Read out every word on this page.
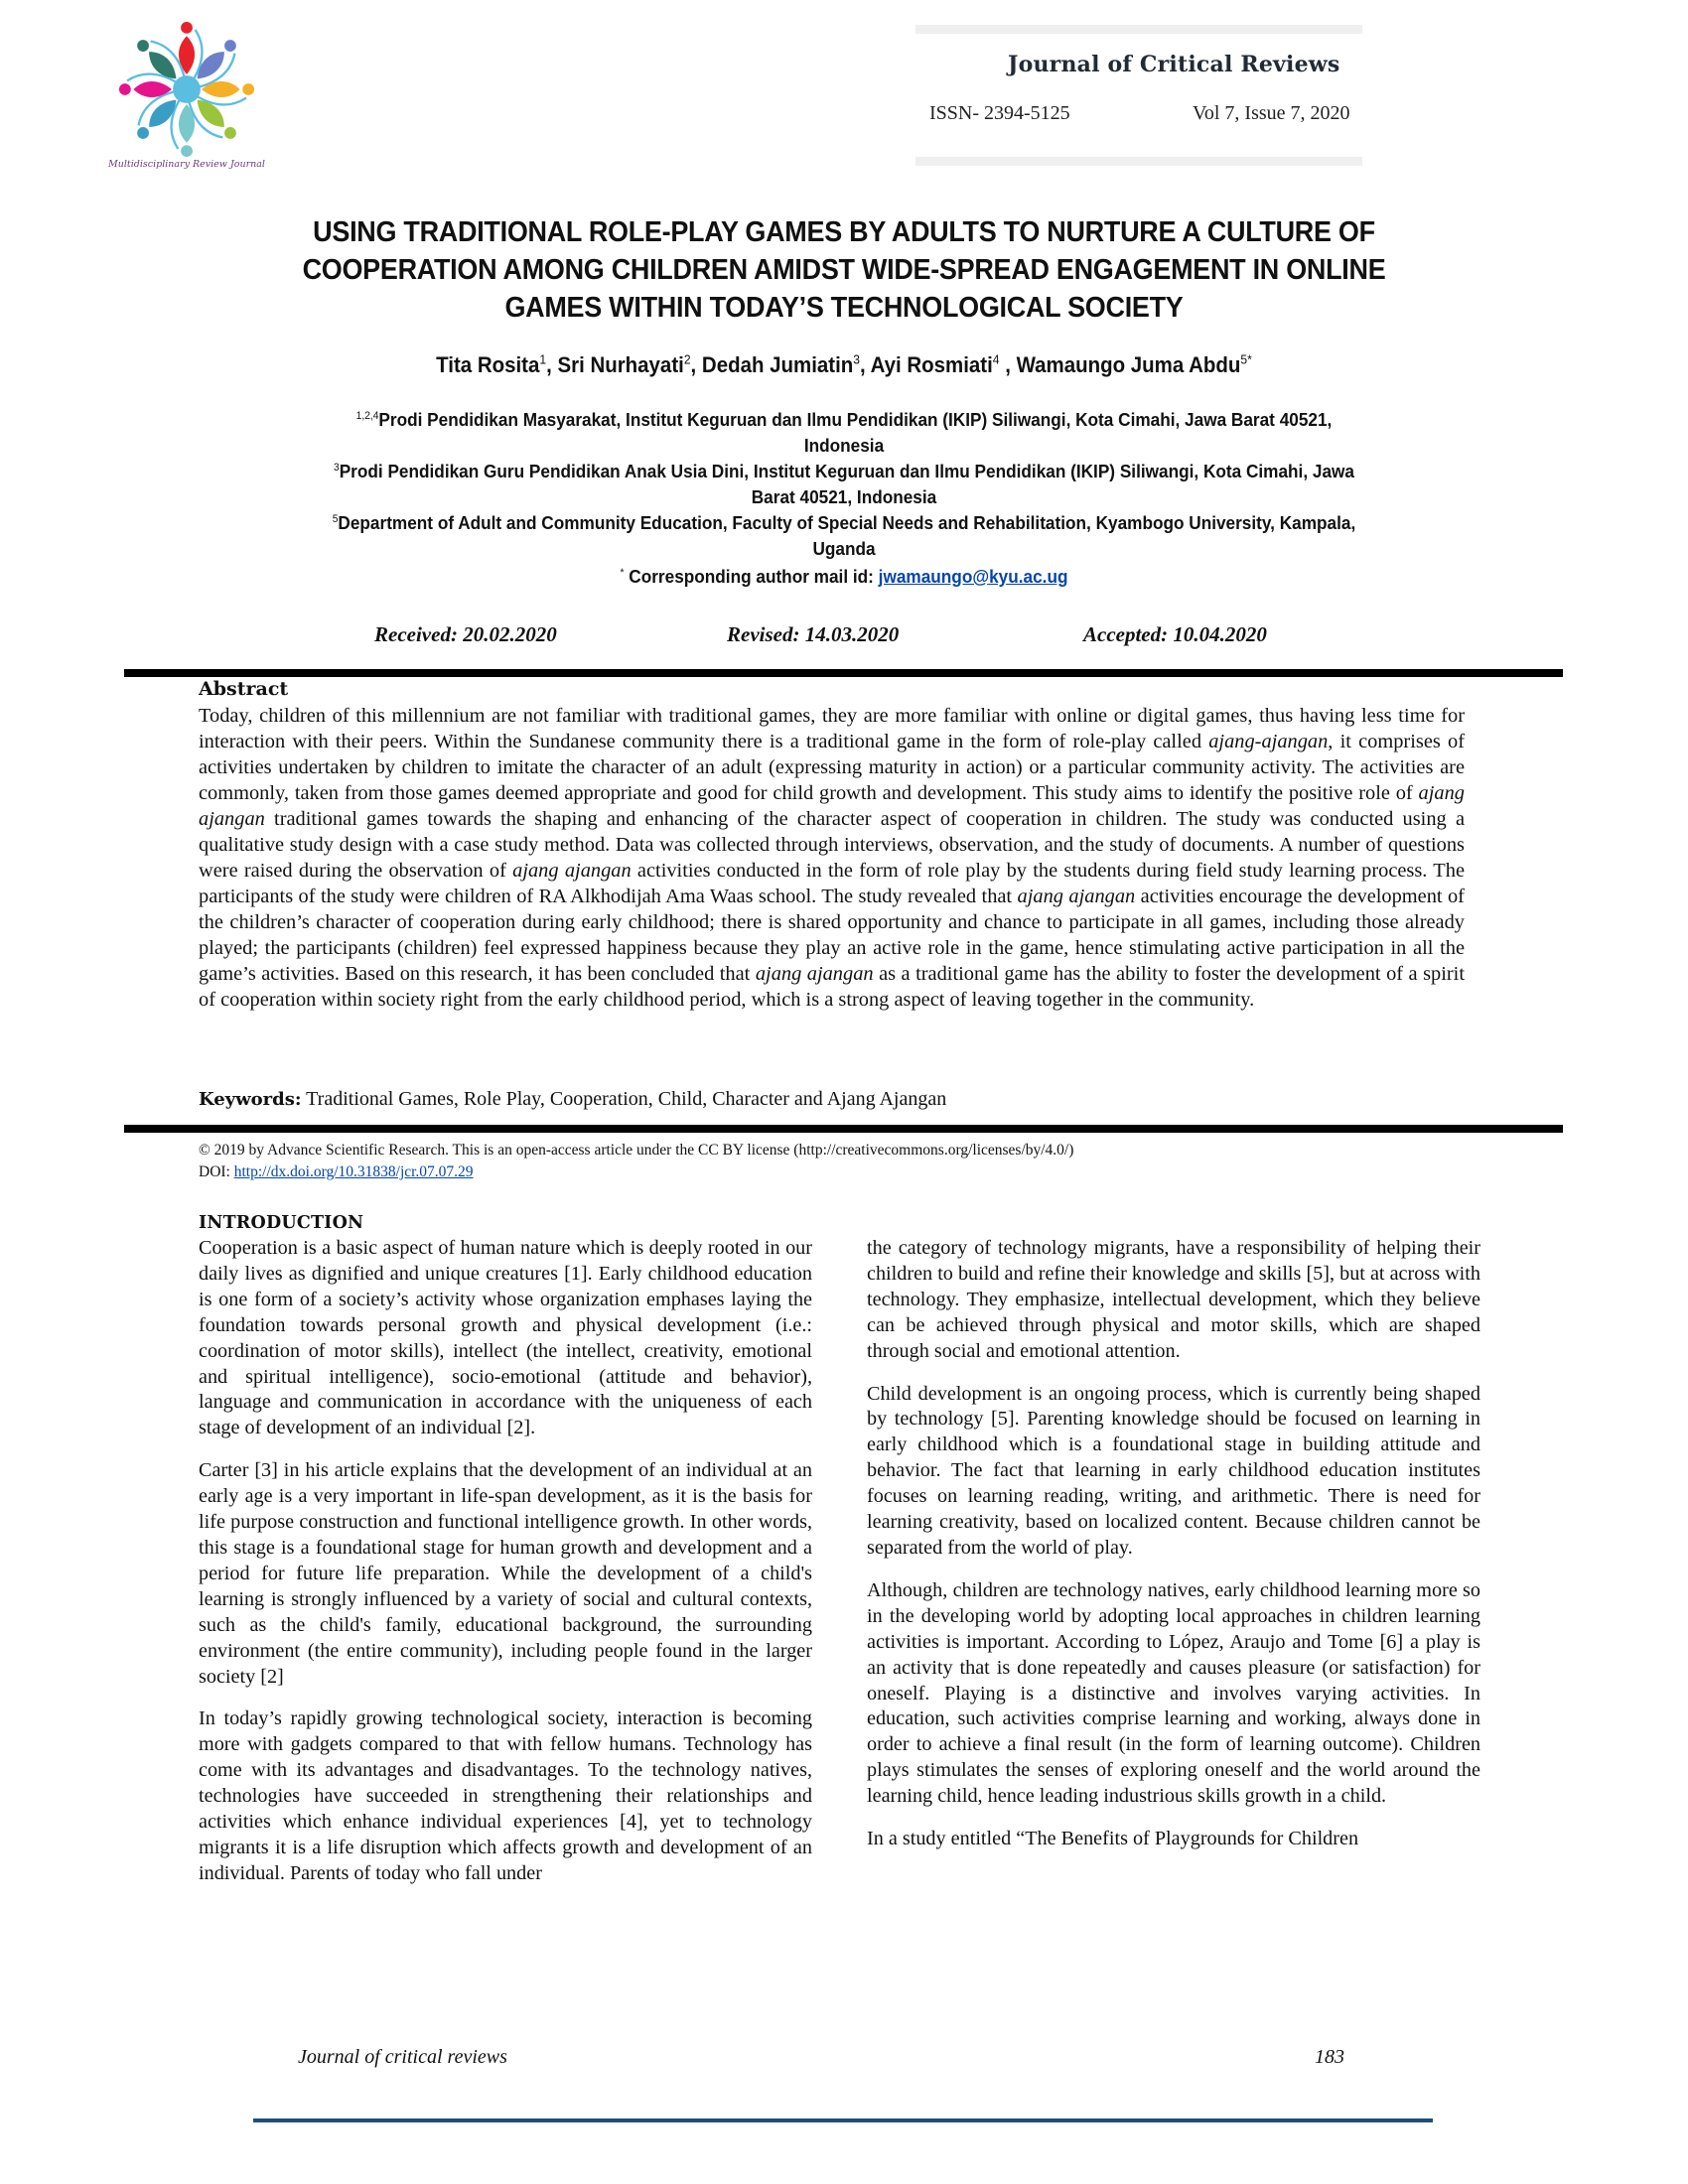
Multidisciplinary Review Journal
Journal of Critical Reviews
ISSN- 2394-5125	Vol 7, Issue 7, 2020
USING TRADITIONAL ROLE-PLAY GAMES BY ADULTS TO NURTURE A CULTURE OF
COOPERATION AMONG CHILDREN AMIDST WIDE-SPREAD ENGAGEMENT IN ONLINE
GAMES WITHIN TODAY’S TECHNOLOGICAL SOCIETY
Tita Rosita$^1$, Sri Nurhayati$^2$, Dedah Jumiatin$^3$, Ayi Rosmiati$^4$ , Wamaungo Juma Abdu$^{5*}$
$^{1,2,4}$Prodi Pendidikan Masyarakat, Institut Keguruan dan Ilmu Pendidikan (IKIP) Siliwangi, Kota Cimahi, Jawa Barat 40521,
Indonesia
$^3$Prodi Pendidikan Guru Pendidikan Anak Usia Dini, Institut Keguruan dan Ilmu Pendidikan (IKIP) Siliwangi, Kota Cimahi, Jawa
Barat 40521, Indonesia
$^5$Department of Adult and Community Education, Faculty of Special Needs and Rehabilitation, Kyambogo University, Kampala,
Uganda
* Corresponding author mail id: jwamaungo@kyu.ac.ug
Received: 20.02.2020	Revised: 14.03.2020	Accepted: 10.04.2020
Abstract
Today, children of this millennium are not familiar with traditional games, they are more familiar with online or digital games, thus having less time for interaction with their peers. Within the Sundanese community there is a traditional game in the form of role-play called ajang-ajangan, it comprises of activities undertaken by children to imitate the character of an adult (expressing maturity in action) or a particular community activity. The activities are commonly, taken from those games deemed appropriate and good for child growth and development. This study aims to identify the positive role of ajang ajangan traditional games towards the shaping and enhancing of the character aspect of cooperation in children. The study was conducted using a qualitative study design with a case study method. Data was collected through interviews, observation, and the study of documents. A number of questions were raised during the observation of ajang ajangan activities conducted in the form of role play by the students during field study learning process. The participants of the study were children of RA Alkhodijah Ama Waas school. The study revealed that ajang ajangan activities encourage the development of the children’s character of cooperation during early childhood; there is shared opportunity and chance to participate in all games, including those already played; the participants (children) feel expressed happiness because they play an active role in the game, hence stimulating active participation in all the game’s activities. Based on this research, it has been concluded that ajang ajangan as a traditional game has the ability to foster the development of a spirit of cooperation within society right from the early childhood period, which is a strong aspect of leaving together in the community.
Keywords: Traditional Games, Role Play, Cooperation, Child, Character and Ajang Ajangan
© 2019 by Advance Scientific Research. This is an open-access article under the CC BY license (http://creativecommons.org/licenses/by/4.0/)
DOI: http://dx.doi.org/10.31838/jcr.07.07.29
INTRODUCTION

Cooperation is a basic aspect of human nature which is deeply rooted in our daily lives as dignified and unique creatures [1]. Early childhood education is one form of a society’s activity whose organization emphases laying the foundation towards personal growth and physical development (i.e.: coordination of motor skills), intellect (the intellect, creativity, emotional and spiritual intelligence), socio-emotional (attitude and behavior), language and communication in accordance with the uniqueness of each stage of development of an individual [2].

Carter [3] in his article explains that the development of an individual at an early age is a very important in life-span development, as it is the basis for life purpose construction and functional intelligence growth. In other words, this stage is a foundational stage for human growth and development and a period for future life preparation. While the development of a child's learning is strongly influenced by a variety of social and cultural contexts, such as the child's family, educational background, the surrounding environment (the entire community), including people found in the larger society [2]

In today’s rapidly growing technological society, interaction is becoming more with gadgets compared to that with fellow humans. Technology has come with its advantages and disadvantages. To the technology natives, technologies have succeeded in strengthening their relationships and activities which enhance individual experiences [4], yet to technology migrants it is a life disruption which affects growth and development of an individual. Parents of today who fall under

the category of technology migrants, have a responsibility of helping their children to build and refine their knowledge and skills [5], but at across with technology. They emphasize, intellectual development, which they believe can be achieved through physical and motor skills, which are shaped through social and emotional attention.

Child development is an ongoing process, which is currently being shaped by technology [5]. Parenting knowledge should be focused on learning in early childhood which is a foundational stage in building attitude and behavior. The fact that learning in early childhood education institutes focuses on learning reading, writing, and arithmetic. There is need for learning creativity, based on localized content. Because children cannot be separated from the world of play.

Although, children are technology natives, early childhood learning more so in the developing world by adopting local approaches in children learning activities is important. According to López, Araujo and Tome [6] a play is an activity that is done repeatedly and causes pleasure (or satisfaction) for oneself. Playing is a distinctive and involves varying activities. In education, such activities comprise learning and working, always done in order to achieve a final result (in the form of learning outcome). Children plays stimulates the senses of exploring oneself and the world around the learning child, hence leading industrious skills growth in a child.

In a study entitled “The Benefits of Playgrounds for Children

Journal of critical reviews	183
